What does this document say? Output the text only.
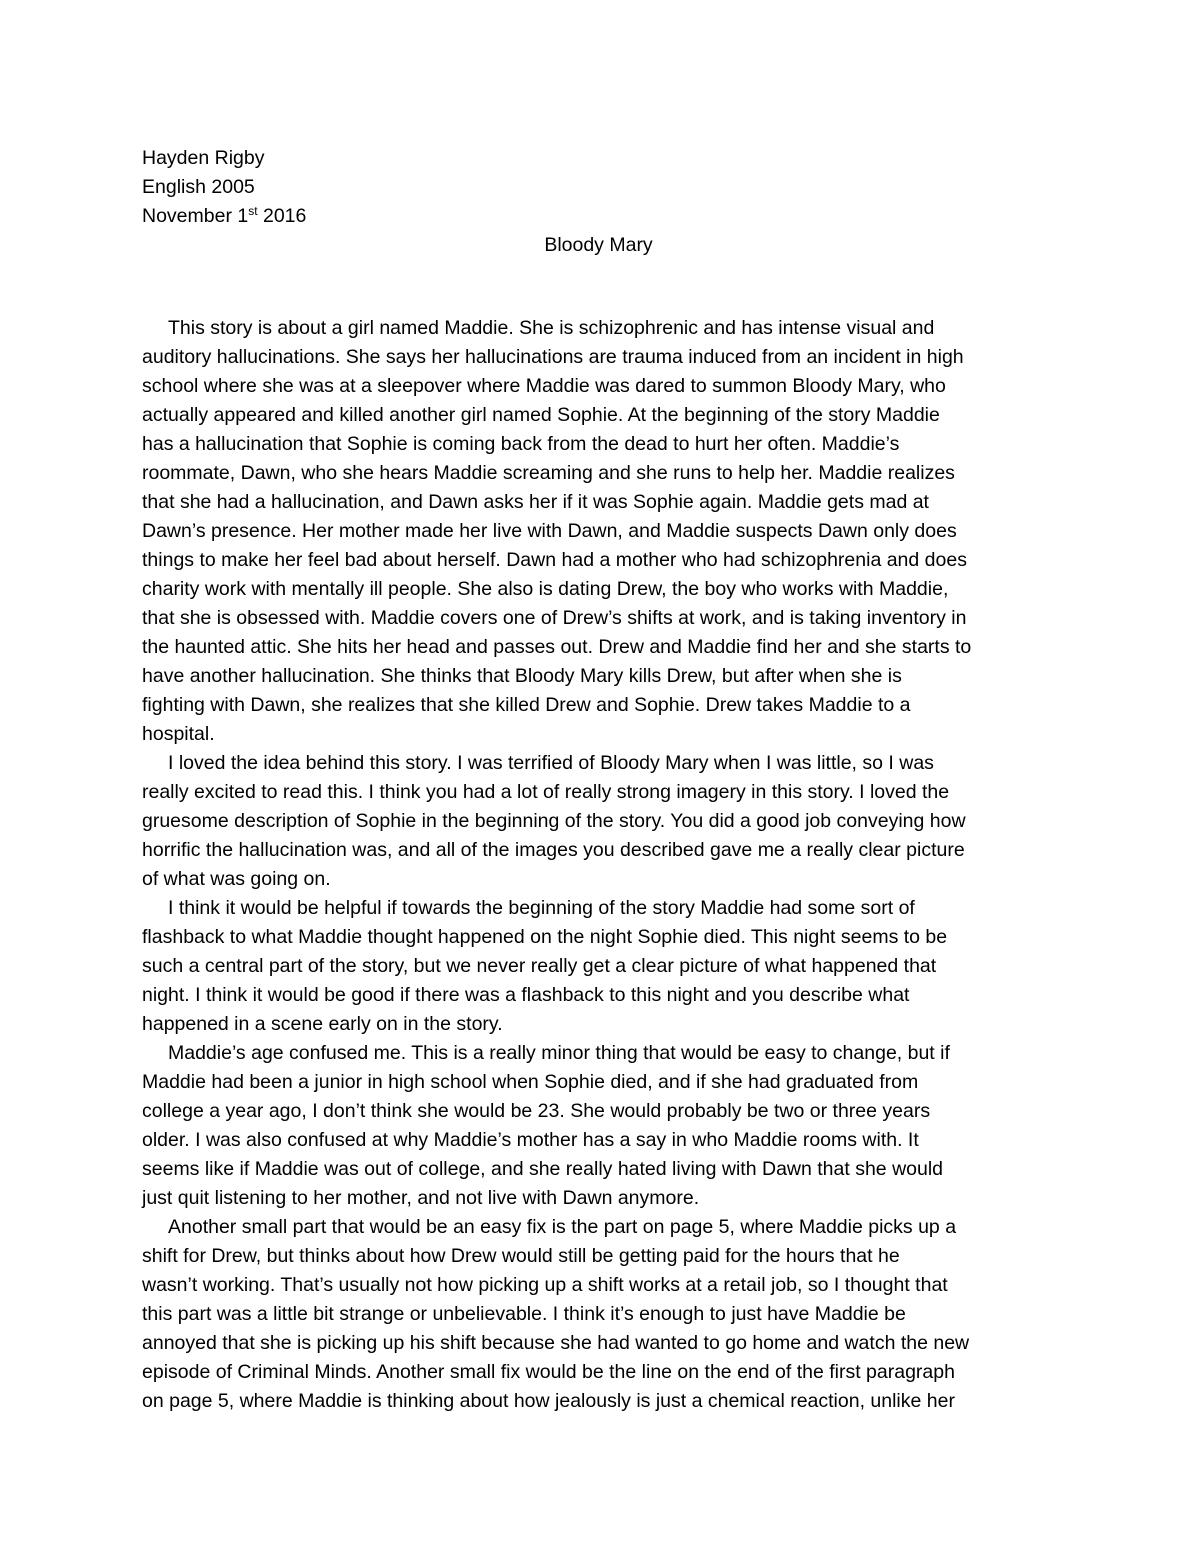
Hayden Rigby
English 2005
November 1st 2016
Bloody Mary
This story is about a girl named Maddie. She is schizophrenic and has intense visual and
auditory hallucinations. She says her hallucinations are trauma induced from an incident in high
school where she was at a sleepover where Maddie was dared to summon Bloody Mary, who
actually appeared and killed another girl named Sophie. At the beginning of the story Maddie
has a hallucination that Sophie is coming back from the dead to hurt her often. Maddie’s
roommate, Dawn, who she hears Maddie screaming and she runs to help her. Maddie realizes
that she had a hallucination, and Dawn asks her if it was Sophie again. Maddie gets mad at
Dawn’s presence. Her mother made her live with Dawn, and Maddie suspects Dawn only does
things to make her feel bad about herself. Dawn had a mother who had schizophrenia and does
charity work with mentally ill people. She also is dating Drew, the boy who works with Maddie,
that she is obsessed with. Maddie covers one of Drew’s shifts at work, and is taking inventory in
the haunted attic. She hits her head and passes out. Drew and Maddie find her and she starts to
have another hallucination. She thinks that Bloody Mary kills Drew, but after when she is
fighting with Dawn, she realizes that she killed Drew and Sophie. Drew takes Maddie to a
hospital.
I loved the idea behind this story. I was terrified of Bloody Mary when I was little, so I was
really excited to read this. I think you had a lot of really strong imagery in this story. I loved the
gruesome description of Sophie in the beginning of the story. You did a good job conveying how
horrific the hallucination was, and all of the images you described gave me a really clear picture
of what was going on.
I think it would be helpful if towards the beginning of the story Maddie had some sort of
flashback to what Maddie thought happened on the night Sophie died. This night seems to be
such a central part of the story, but we never really get a clear picture of what happened that
night. I think it would be good if there was a flashback to this night and you describe what
happened in a scene early on in the story.
Maddie’s age confused me. This is a really minor thing that would be easy to change, but if
Maddie had been a junior in high school when Sophie died, and if she had graduated from
college a year ago, I don’t think she would be 23. She would probably be two or three years
older. I was also confused at why Maddie’s mother has a say in who Maddie rooms with. It
seems like if Maddie was out of college, and she really hated living with Dawn that she would
just quit listening to her mother, and not live with Dawn anymore.
Another small part that would be an easy fix is the part on page 5, where Maddie picks up a
shift for Drew, but thinks about how Drew would still be getting paid for the hours that he
wasn’t working. That’s usually not how picking up a shift works at a retail job, so I thought that
this part was a little bit strange or unbelievable. I think it’s enough to just have Maddie be
annoyed that she is picking up his shift because she had wanted to go home and watch the new
episode of Criminal Minds. Another small fix would be the line on the end of the first paragraph
on page 5, where Maddie is thinking about how jealously is just a chemical reaction, unlike her
